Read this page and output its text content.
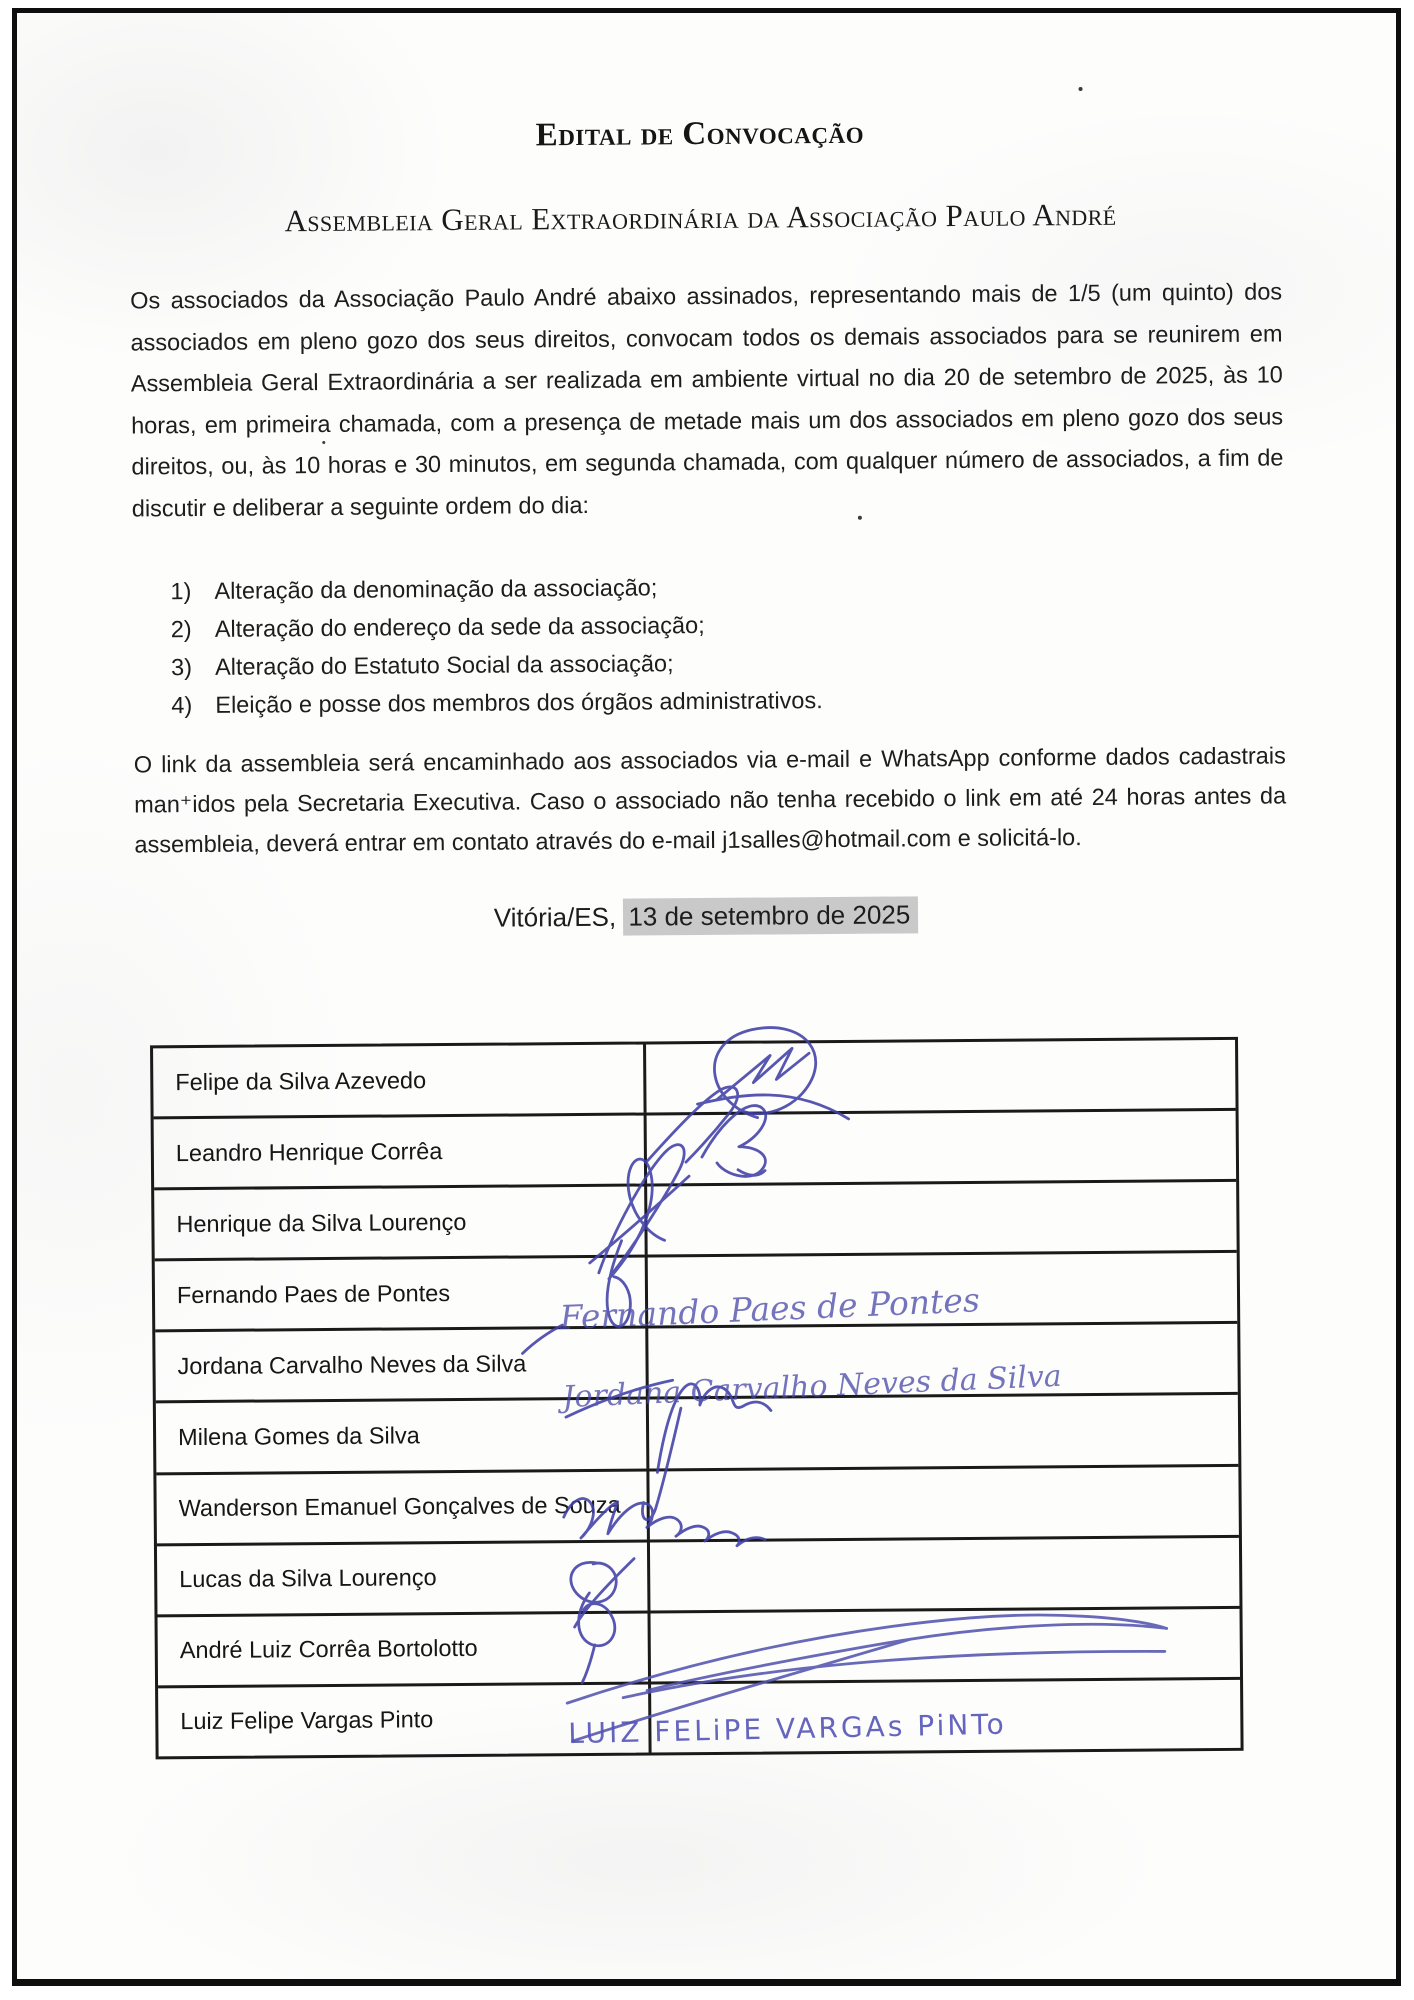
Edital de Convocação
Assembleia Geral Extraordinária da Associação Paulo André
Os associados da Associação Paulo André abaixo assinados, representando mais de 1/5 (um quinto) dos associados em pleno gozo dos seus direitos, convocam todos os demais associados para se reunirem em Assembleia Geral Extraordinária a ser realizada em ambiente virtual no dia 20 de setembro de 2025, às 10 horas, em primeira chamada, com a presença de metade mais um dos associados em pleno gozo dos seus direitos, ou, às 10 horas e 30 minutos, em segunda chamada, com qualquer número de associados, a fim de discutir e deliberar a seguinte ordem do dia:
1) Alteração da denominação da associação;
2) Alteração do endereço da sede da associação;
3) Alteração do Estatuto Social da associação;
4) Eleição e posse dos membros dos órgãos administrativos.
O link da assembleia será encaminhado aos associados via e-mail e WhatsApp conforme dados cadastrais man⁺idos pela Secretaria Executiva. Caso o associado não tenha recebido o link em até 24 horas antes da assembleia, deverá entrar em contato através do e-mail j1salles@hotmail.com e solicitá-lo.
Vitória/ES, 13 de setembro de 2025
Felipe da Silva Azevedo
Leandro Henrique Corrêa
Henrique da Silva Lourenço
Fernando Paes de Pontes
Jordana Carvalho Neves da Silva
Milena Gomes da Silva
Wanderson Emanuel Gonçalves de Souza
Lucas da Silva Lourenço
André Luiz Corrêa Bortolotto
Luiz Felipe Vargas Pinto
Fernando Paes de Pontes
Jordana Carvalho Neves da Silva
LUIZ FELiPE VARGAs PiNTo
